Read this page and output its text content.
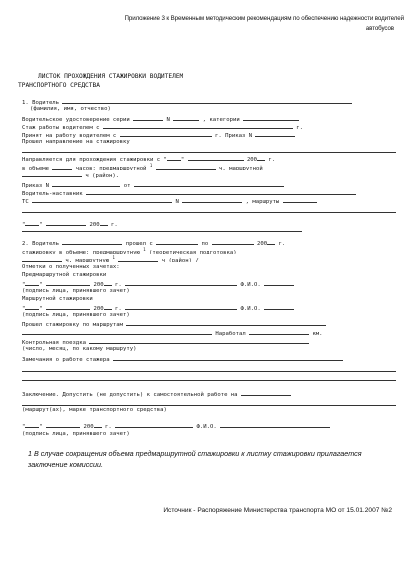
Приложение 3 к Временным методическим рекомендациям по обеспечению надежности водителей

автобусов
ЛИСТОК ПРОХОЖДЕНИЯ СТАЖИРОВКИ ВОДИТЕЛЕМ
ТРАНСПОРТНОГО СРЕДСТВА
1. Водитель
(фамилия, имя, отчество)
Водительское удостоверение серии	N	, категории
Стаж работы водителем с	г.
Принят на работу водителем с	г. Приказ N
Прошел направление на стажировку
Направляется для прохождения стажировки с "	"	200 г.
в объеме	часов: предмаршрутной $^1$  ч, маршрутной
ч (район).
Приказ N	от
Водитель-наставник
ТС	N	, маршруты
"	"	200 г.
2. Водитель	прошел с	по	200 г.
стажировку в объеме: предмаршрутную $^1$ (теоретическая подготовка)
ч, маршрутную $^1$  ч (район) /
Отметки о полученных зачетах:
Предмаршрутной стажировки
"	"	200 г.	Ф.И.О.
(подпись лица, принявшего зачет)
Маршрутной стажировки
"	"	200 г.	Ф.И.О.
(подпись лица, принявшего зачет)
Прошел стажировку по маршрутам
Наработал	км.
Контрольная поездка
(число, месяц, по какому маршруту)
Замечания о работе стажера
Заключение. Допустить (не допустить) к самостоятельной работе на
(маршрут(ах), марке транспортного средства)
"	"	200 г.	Ф.И.О.
(подпись лица, принявшего зачет)
1 В случае сокращения объема предмаршрутной стажировки к листку стажировки прилагается заключение комиссии.
Источник - Распоряжение Министерства транспорта МО от 15.01.2007 №2
